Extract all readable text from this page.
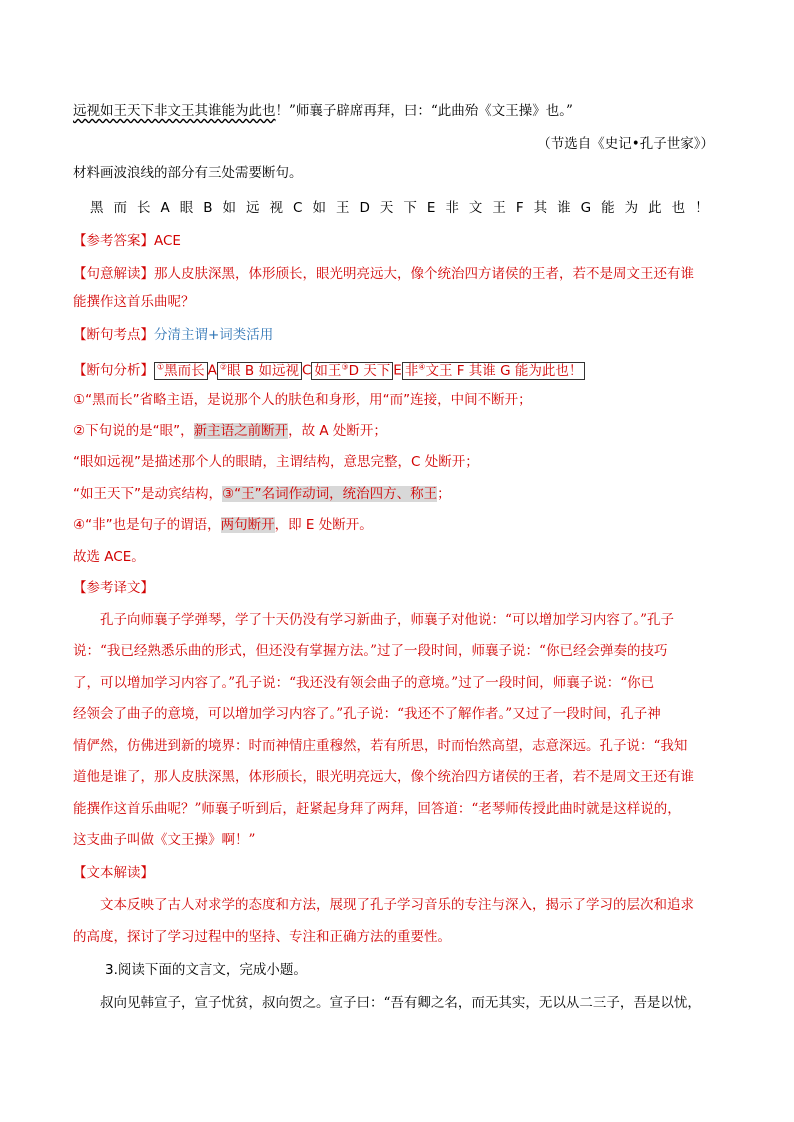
远视如王天下非文王其谁能为此也！”师襄子辟席再拜，曰：“此曲殆《文王操》也。”
（节选自《史记•孔子世家》）
材料画波浪线的部分有三处需要断句。
黑 而 长 A 眼 B 如 远 视 C 如 王 D 天 下 E 非 文 王 F 其 谁 G 能 为 此 也 ！
【参考答案】ACE
【句意解读】那人皮肤深黑，体形颀长，眼光明亮远大，像个统治四方诸侯的王者，若不是周文王还有谁
能撰作这首乐曲呢？
【断句考点】分清主谓+词类活用
【断句分析】 ①黑而长 A ②眼 B 如远视 C 如王③D 天下 E 非④文王 F 其谁 G 能为此也！
①“黑而长”省略主语，是说那个人的肤色和身形，用“而”连接，中间不断开；
②下句说的是“眼”，新主语之前断开，故 A 处断开；
“眼如远视”是描述那个人的眼睛，主谓结构，意思完整，C 处断开；
“如王天下”是动宾结构，③“王”名词作动词，统治四方、称王；
④“非”也是句子的谓语，两句断开，即 E 处断开。
故选 ACE。
【参考译文】
孔子向师襄子学弹琴，学了十天仍没有学习新曲子，师襄子对他说：“可以增加学习内容了。”孔子
说：“我已经熟悉乐曲的形式，但还没有掌握方法。”过了一段时间，师襄子说：“你已经会弹奏的技巧
了，可以增加学习内容了。”孔子说：“我还没有领会曲子的意境。”过了一段时间，师襄子说：“你已
经领会了曲子的意境，可以增加学习内容了。”孔子说：“我还不了解作者。”又过了一段时间，孔子神
情俨然，仿佛进到新的境界：时而神情庄重穆然，若有所思，时而怡然高望，志意深远。孔子说：“我知
道他是谁了，那人皮肤深黑，体形颀长，眼光明亮远大，像个统治四方诸侯的王者，若不是周文王还有谁
能撰作这首乐曲呢？”师襄子听到后，赶紧起身拜了两拜，回答道：“老琴师传授此曲时就是这样说的，
这支曲子叫做《文王操》啊！”
【文本解读】
文本反映了古人对求学的态度和方法，展现了孔子学习音乐的专注与深入，揭示了学习的层次和追求
的高度，探讨了学习过程中的坚持、专注和正确方法的重要性。
3.阅读下面的文言文，完成小题。
叔向见韩宣子，宣子忧贫，叔向贺之。宣子曰：“吾有卿之名，而无其实，无以从二三子，吾是以忧，
